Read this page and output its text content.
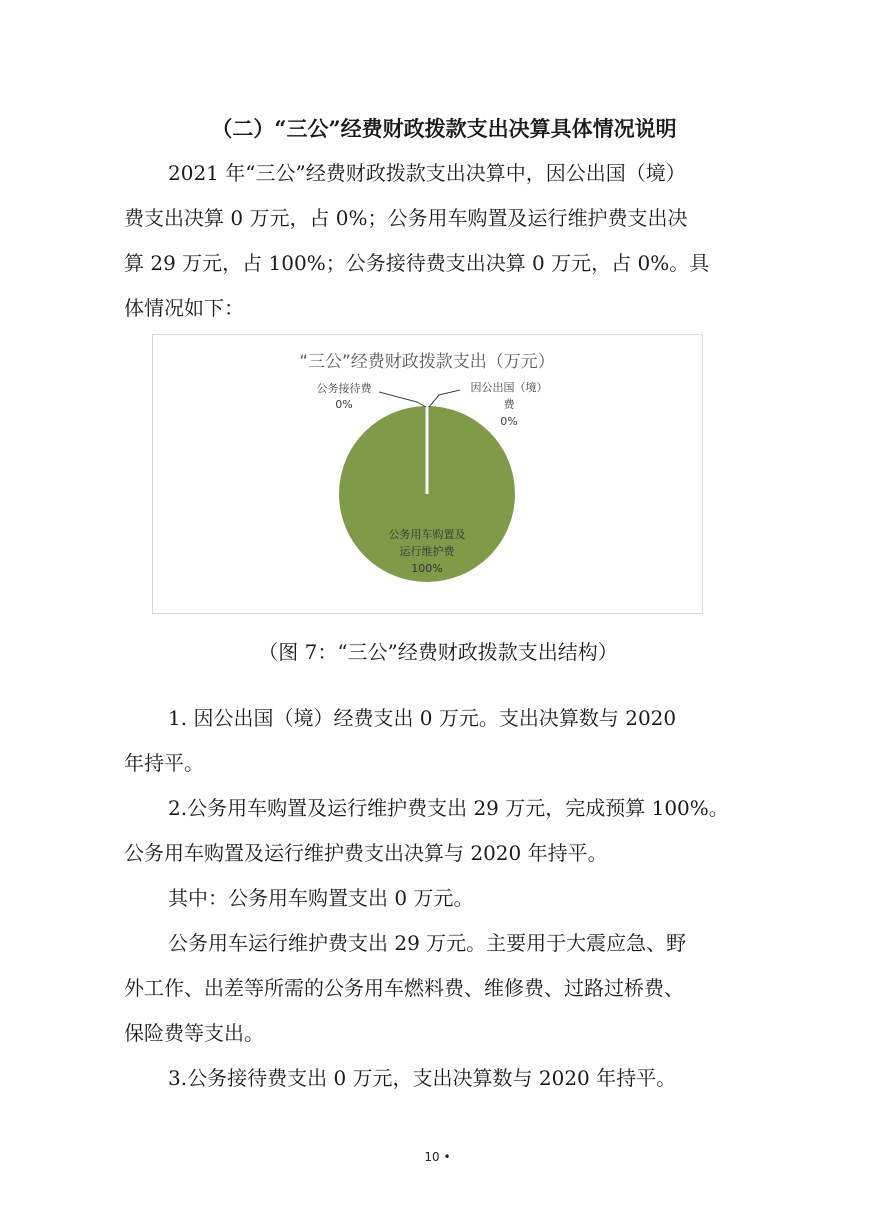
（二）“三公”经费财政拨款支出决算具体情况说明
2021 年“三公”经费财政拨款支出决算中，因公出国（境）
费支出决算 0 万元，占 0%；公务用车购置及运行维护费支出决
算 29 万元，占 100%；公务接待费支出决算 0 万元，占 0%。具
体情况如下：
“三公”经费财政拨款支出（万元）
公务接待费
0%
因公出国（境）
费
0%
公务用车购置及
运行维护费
100%

（图 7：“三公”经费财政拨款支出结构）

1. 因公出国（境）经费支出 0 万元。支出决算数与 2020
年持平。
2.公务用车购置及运行维护费支出 29 万元，完成预算 100%。
公务用车购置及运行维护费支出决算与 2020 年持平。
其中：公务用车购置支出 0 万元。
公务用车运行维护费支出 29 万元。主要用于大震应急、野
外工作、出差等所需的公务用车燃料费、维修费、过路过桥费、
保险费等支出。
3.公务接待费支出 0 万元，支出决算数与 2020 年持平。
10 •
